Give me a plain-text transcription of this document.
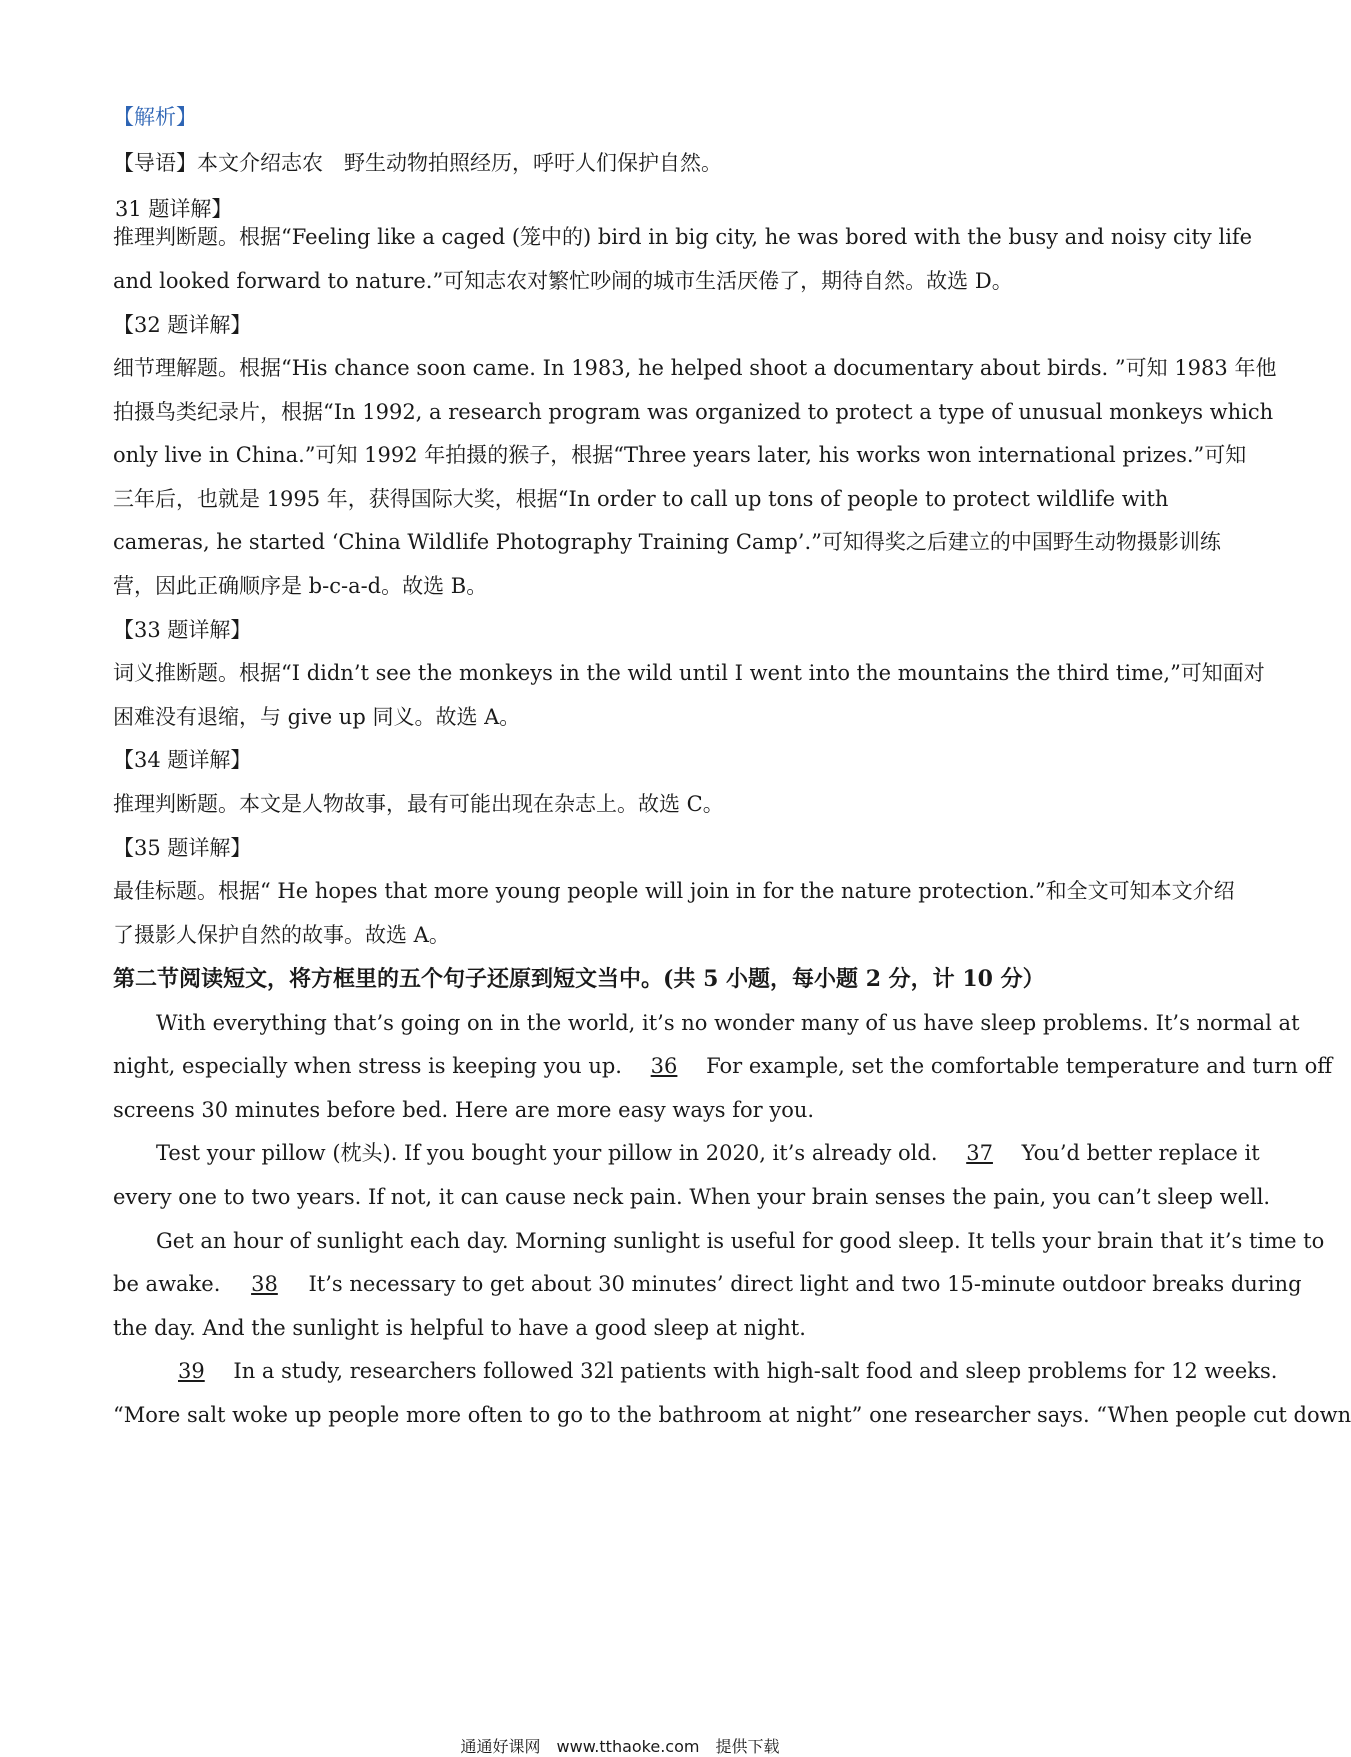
【解析】
【导语】本文介绍志农　野生动物拍照经历，呼吁人们保护自然。
31 题详解】
推理判断题。根据“Feeling like a caged (笼中的) bird in big city, he was bored with the busy and noisy city life
and looked forward to nature.”可知志农对繁忙吵闹的城市生活厌倦了，期待自然。故选 D。
【32 题详解】
细节理解题。根据“His chance soon came. In 1983, he helped shoot a documentary about birds. ”可知 1983 年他
拍摄鸟类纪录片，根据“In 1992, a research program was organized to protect a type of unusual monkeys which
only live in China.”可知 1992 年拍摄的猴子，根据“Three years later, his works won international prizes.”可知
三年后，也就是 1995 年，获得国际大奖，根据“In order to call up tons of people to protect wildlife with
cameras, he started ‘China Wildlife Photography Training Camp’.”可知得奖之后建立的中国野生动物摄影训练
营，因此正确顺序是 b-c-a-d。故选 B。
【33 题详解】
词义推断题。根据“I didn’t see the monkeys in the wild until I went into the mountains the third time,”可知面对
困难没有退缩，与 give up 同义。故选 A。
【34 题详解】
推理判断题。本文是人物故事，最有可能出现在杂志上。故选 C。
【35 题详解】
最佳标题。根据“ He hopes that more young people will join in for the nature protection.”和全文可知本文介绍
了摄影人保护自然的故事。故选 A。
第二节阅读短文，将方框里的五个句子还原到短文当中。(共 5 小题，每小题 2 分，计 10 分）
With everything that’s going on in the world, it’s no wonder many of us have sleep problems. It’s normal at
night, especially when stress is keeping you up. 36 For example, set the comfortable temperature and turn off
screens 30 minutes before bed. Here are more easy ways for you.
Test your pillow (枕头). If you bought your pillow in 2020, it’s already old. 37 You’d better replace it
every one to two years. If not, it can cause neck pain. When your brain senses the pain, you can’t sleep well.
Get an hour of sunlight each day. Morning sunlight is useful for good sleep. It tells your brain that it’s time to
be awake. 38 It’s necessary to get about 30 minutes’ direct light and two 15-minute outdoor breaks during
the day. And the sunlight is helpful to have a good sleep at night.
39 In a study, researchers followed 32l patients with high-salt food and sleep problems for 12 weeks.
“More salt woke up people more often to go to the bathroom at night” one researcher says. “When people cut down
通通好课网　www.tthaoke.com　提供下载
